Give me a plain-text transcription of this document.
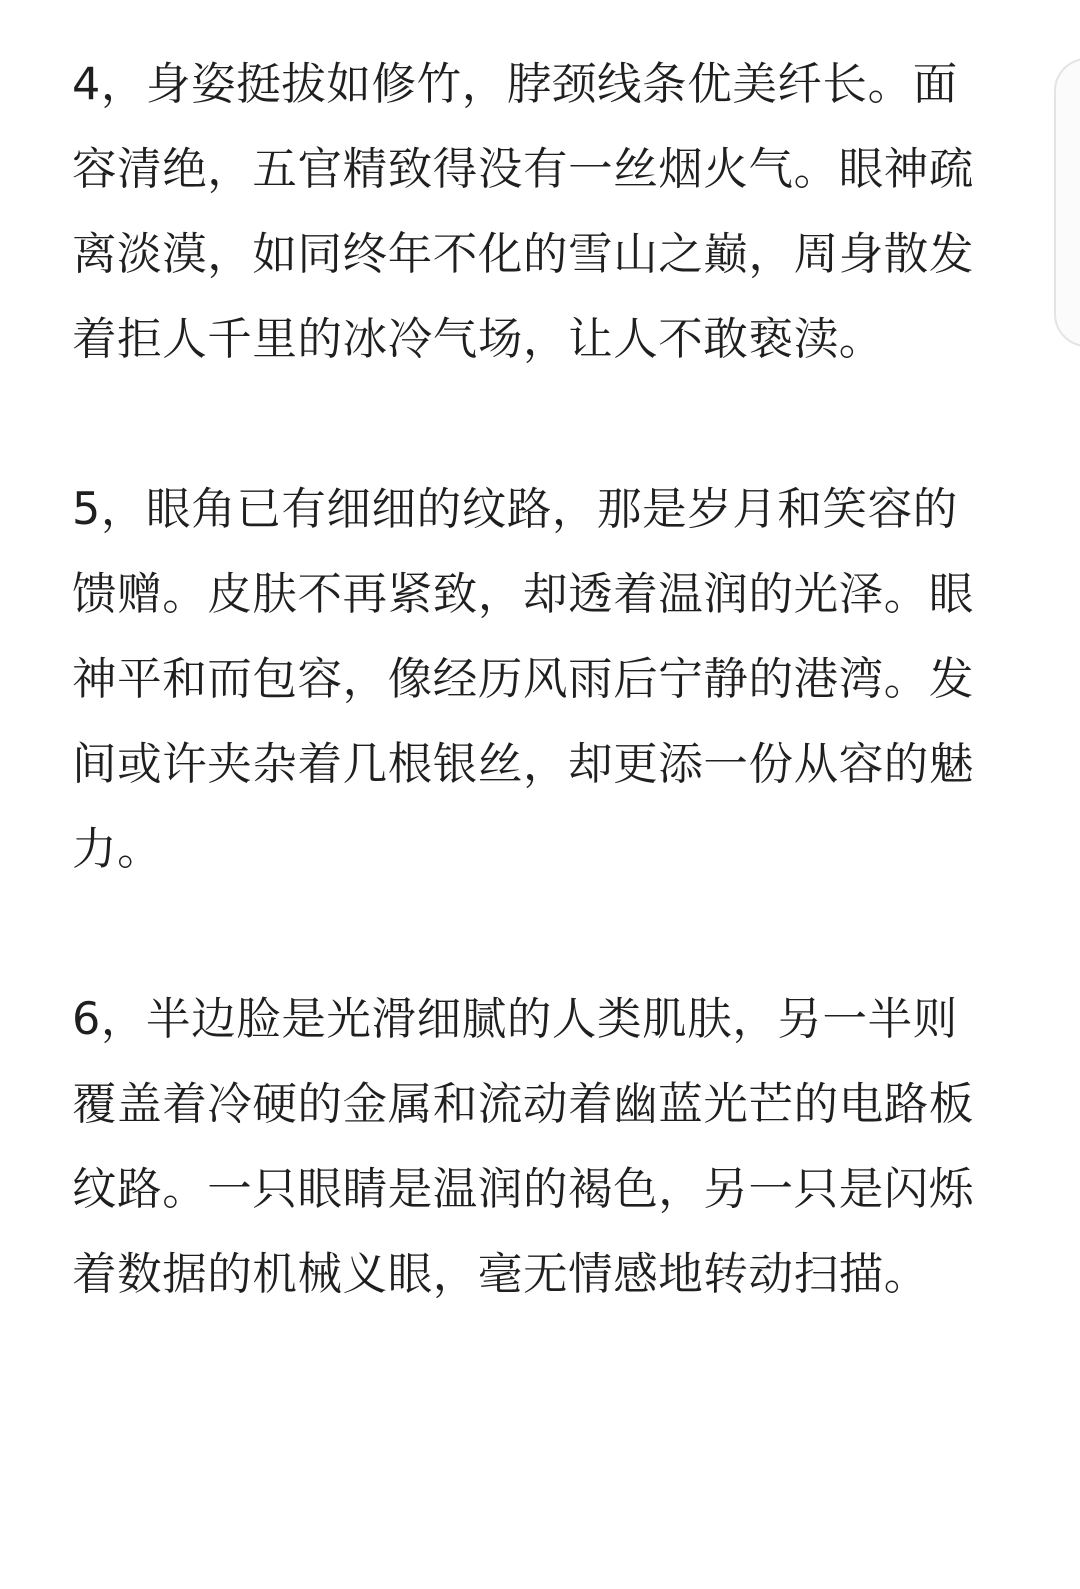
4，身姿挺拔如修竹，脖颈线条优美纤长。面容清绝，五官精致得没有一丝烟火气。眼神疏离淡漠，如同终年不化的雪山之巅，周身散发着拒人千里的冰冷气场，让人不敢亵渎。

5，眼角已有细细的纹路，那是岁月和笑容的馈赠。皮肤不再紧致，却透着温润的光泽。眼神平和而包容，像经历风雨后宁静的港湾。发间或许夹杂着几根银丝，却更添一份从容的魅力。

6，半边脸是光滑细腻的人类肌肤，另一半则覆盖着冷硬的金属和流动着幽蓝光芒的电路板纹路。一只眼睛是温润的褐色，另一只是闪烁着数据的机械义眼，毫无情感地转动扫描。
